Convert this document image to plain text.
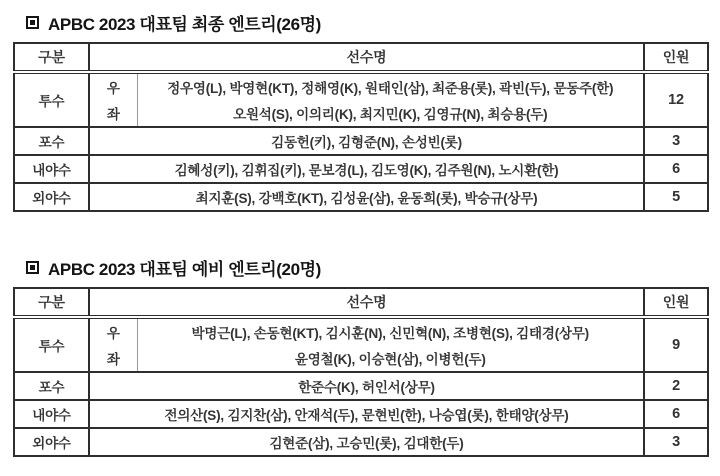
APBC 2023 대표팀 최종 엔트리(26명)
구분	선수명		인원
투수	우	정우영(L), 박영현(KT), 정해영(K), 원태인(삼), 최준용(롯), 곽빈(두), 문동주(한)	12
	좌	오원석(S), 이의리(K), 최지민(K), 김영규(N), 최승용(두)	
포수	김동헌(키), 김형준(N), 손성빈(롯)		3
내야수	김혜성(키), 김휘집(키), 문보경(L), 김도영(K), 김주원(N), 노시환(한)		6
외야수	최지훈(S), 강백호(KT), 김성윤(삼), 윤동희(롯), 박승규(상무)		5
APBC 2023 대표팀 예비 엔트리(20명)
구분	선수명		인원
투수	우	박명근(L), 손동현(KT), 김시훈(N), 신민혁(N), 조병현(S), 김태경(상무)	9
	좌	윤영철(K), 이승현(삼), 이병헌(두)	
포수	한준수(K), 허인서(상무)		2
내야수	전의산(S), 김지찬(삼), 안재석(두), 문현빈(한), 나승엽(롯), 한태양(상무)		6
외야수	김현준(삼), 고승민(롯), 김대한(두)		3
